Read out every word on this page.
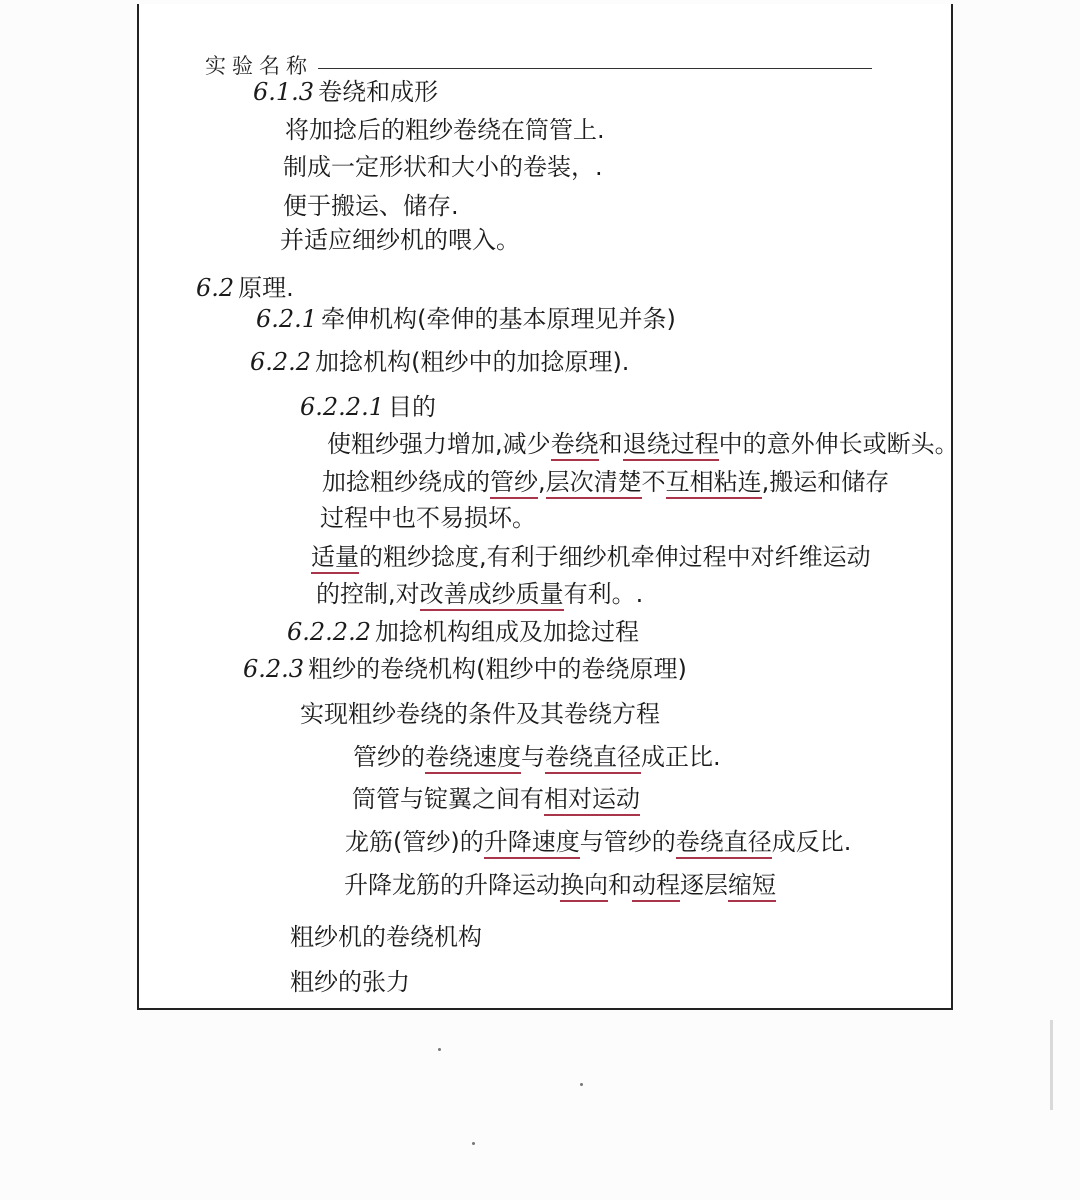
实验名称
6.1.3 卷绕和成形
将加捻后的粗纱卷绕在筒管上.
制成一定形状和大小的卷装，.
便于搬运、储存.
并适应细纱机的喂入。
6.2 原理.
6.2.1 牵伸机构(牵伸的基本原理见并条)
6.2.2 加捻机构(粗纱中的加捻原理).
6.2.2.1 目的
使粗纱强力增加,减少卷绕和退绕过程中的意外伸长或断头。
加捻粗纱绕成的管纱,层次清楚不互相粘连,搬运和储存
过程中也不易损坏。
适量的粗纱捻度,有利于细纱机牵伸过程中对纤维运动
的控制,对改善成纱质量有利。.
6.2.2.2 加捻机构组成及加捻过程
6.2.3 粗纱的卷绕机构(粗纱中的卷绕原理)
实现粗纱卷绕的条件及其卷绕方程
管纱的卷绕速度与卷绕直径成正比.
筒管与锭翼之间有相对运动
龙筋(管纱)的升降速度与管纱的卷绕直径成反比.
升降龙筋的升降运动换向和动程逐层缩短
粗纱机的卷绕机构
粗纱的张力
